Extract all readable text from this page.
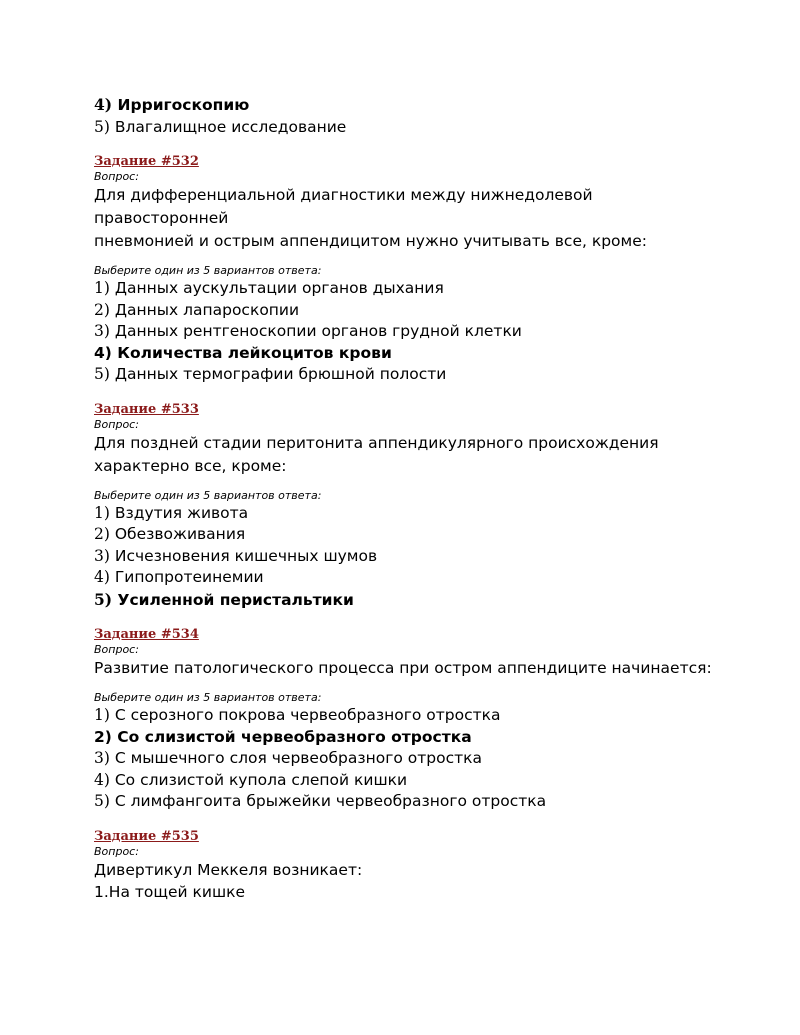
4) Ирригоскопию
5) Влагалищное исследование
Задание #532
Вопрос:
Для дифференциальной диагностики между нижнедолевой правосторонней
пневмонией и острым аппендицитом нужно учитывать все, кроме:
Выберите один из 5 вариантов ответа:
1) Данных аускультации органов дыхания
2) Данных лапароскопии
3) Данных рентгеноскопии органов грудной клетки
4) Количества лейкоцитов крови
5) Данных термографии брюшной полости
Задание #533
Вопрос:
Для поздней стадии перитонита аппендикулярного происхождения
характерно все, кроме:
Выберите один из 5 вариантов ответа:
1) Вздутия живота
2) Обезвоживания
3) Исчезновения кишечных шумов
4) Гипопротеинемии
5) Усиленной перистальтики
Задание #534
Вопрос:
Развитие патологического процесса при остром аппендиците начинается:
Выберите один из 5 вариантов ответа:
1) С серозного покрова червеобразного отростка
2) Со слизистой червеобразного отростка
3) С мышечного слоя червеобразного отростка
4) Со слизистой купола слепой кишки
5) С лимфангоита брыжейки червеобразного отростка
Задание #535
Вопрос:
Дивертикул Меккеля возникает:
1.На тощей кишке
